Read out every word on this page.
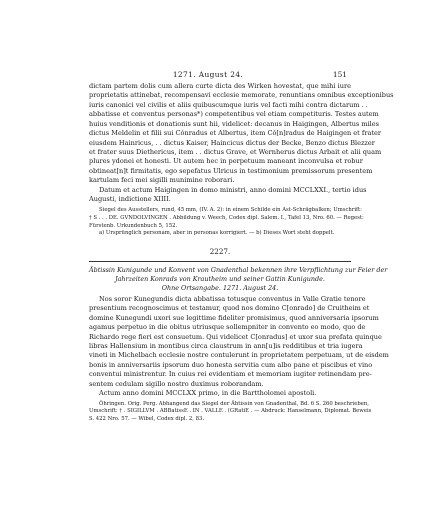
1271. August 24.	151
dictam partem dolis cum allera curte dicta des Wirken hovestat, que mihi iure
proprietatis attinebat, recompensavi ecclesie memorate, renuntians omnibus exceptionibus
iuris canonici vel civilis et aliis quibuscumque iuris vel facti mihi contra dictarum . .
abbatisse et conventus personas*) competentibus vel etiam competituris. Testes autem
huius venditionis et donationis sunt hii, videlicet: decanus in Haigingen, Albertus miles
dictus Meldelin et filii sui Cŏnradus et Albertus, item Cŏ[n]radus de Haigingen et frater
eiusdem Hainricus, . . dictus Kaiser, Haincicus dictus der Becke, Benzo dictus Blezzer
et frater suus Diethericus, item . . dictus Grave, et Wernherus dictus Arbait et alii quam
plures ydonei et honesti. Ut autem hec in perpetuum maneant inconvulsa et robur
obtineat[n]t firmitatis, ego sepefatus Ulricus in testimonium premissorum presentem
kartulam feci mei sigilli munimine roborari.
Datum et actum Haigingen in domo ministri, anno domini MCCLXXI., tertio idus
Augusti, indictione XIIII.
Siegel des Ausstellers, rund, 45 mm, (IV. A. 2): in einem Schilde ein Ast-Schrägbalken; Umschrift:
† S . . . DE. GVNDOLVINGEN . Abbildung v. Weech, Codex dipl. Salem. I., Tafel 13, Nro. 60. — Regest:
Fürstenb. Urkundenbuch 5, 152.
a) Ursprünglich personam, aber in personas korrigiert. — b) Dieses Wort steht doppelt.
2227.
Äbtissin Kunigunde und Konvent von Gnadenthal bekennen ihre Verpflichtung zur Feier der
Jahrzeiten Konrads von Krautheim und seiner Gattin Kunigunde.
Ohne Ortsangabe. 1271. August 24.
Nos soror Kunegundis dicta abbatissa totusque conventus in Valle Gratie tenore
presentium recognoscimus et testamur, quod nos domino C[onrado] de Cruitheim et
domine Kunegundi uxori sue legittime fideliter promisimus, quod anniversaria ipsorum
agamus perpetuo in die obitus utriusque sollempniter in convento eo modo, quo de
Richardo rege fieri est consuetum. Qui videlicet C[onradus] et uxor sua prefata quinque
libras Hallensium in montibus circa claustrum in ann[u]is redditibus et tria iugera
vineti in Michelbach ecclesie nostre contulerunt in proprietatem perpetuam, ut de eisdem
bonis in anniversariis ipsorum duo honesta servitia cum albo pane et piscibus et vino
conventui ministrentur. In cuius rei evidentiam et memoriam iugiter retinendam pre-
sentem cedulam sigillo nostro duximus roborandam.
Actum anno domini MCCLXX primo, in die Barttholomei apostoli.
Öhringen. Orig. Perg. Abhangend das Siegel der Äbtissin von Gnadenthal, Bd. 6 S. 260 beschrieben,
Umschrift: † . SIGILLVM . ABBatissE . IN . VALLE . (GRatiE . — Abdruck: Hanselmann, Diplomat. Beweis
S. 422 Nro. 57. — Wibel, Codex dipl. 2, 83.
